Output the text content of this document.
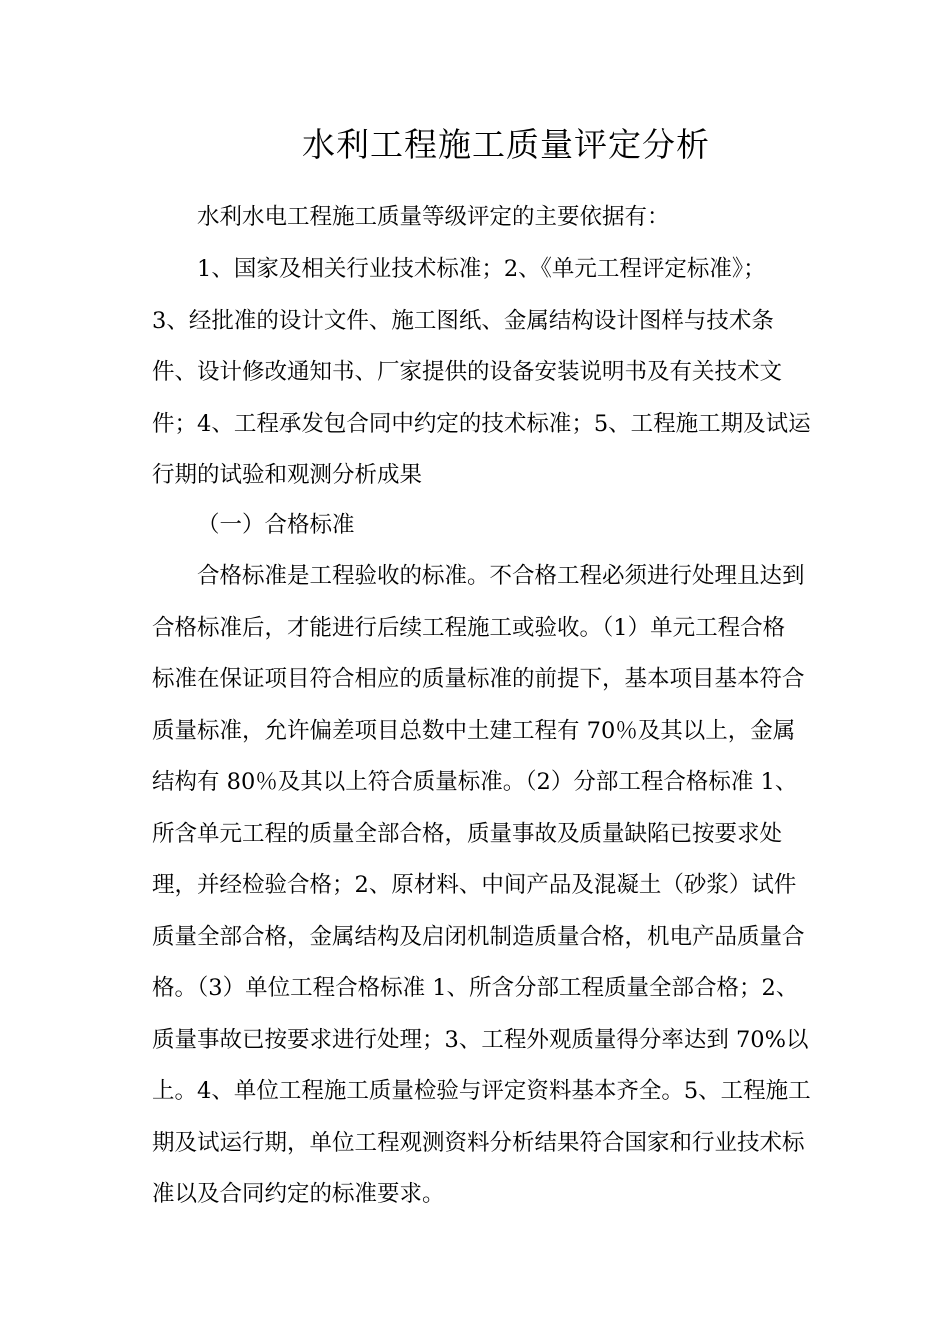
水利工程施工质量评定分析

水利水电工程施工质量等级评定的主要依据有：

1、国家及相关行业技术标准；2、《单元工程评定标准》；
3、经批准的设计文件、施工图纸、金属结构设计图样与技术条
件、设计修改通知书、厂家提供的设备安装说明书及有关技术文
件；4、工程承发包合同中约定的技术标准；5、工程施工期及试运
行期的试验和观测分析成果

（一）合格标准

合格标准是工程验收的标准。不合格工程必须进行处理且达到
合格标准后，才能进行后续工程施工或验收。（1）单元工程合格
标准在保证项目符合相应的质量标准的前提下，基本项目基本符合
质量标准，允许偏差项目总数中土建工程有 70％及其以上，金属
结构有 80％及其以上符合质量标准。（2）分部工程合格标准 1、
所含单元工程的质量全部合格，质量事故及质量缺陷已按要求处
理，并经检验合格；2、原材料、中间产品及混凝土（砂浆）试件
质量全部合格，金属结构及启闭机制造质量合格，机电产品质量合
格。（3）单位工程合格标准 1、所含分部工程质量全部合格；2、
质量事故已按要求进行处理；3、工程外观质量得分率达到 70%以
上。4、单位工程施工质量检验与评定资料基本齐全。5、工程施工
期及试运行期，单位工程观测资料分析结果符合国家和行业技术标
准以及合同约定的标准要求。
